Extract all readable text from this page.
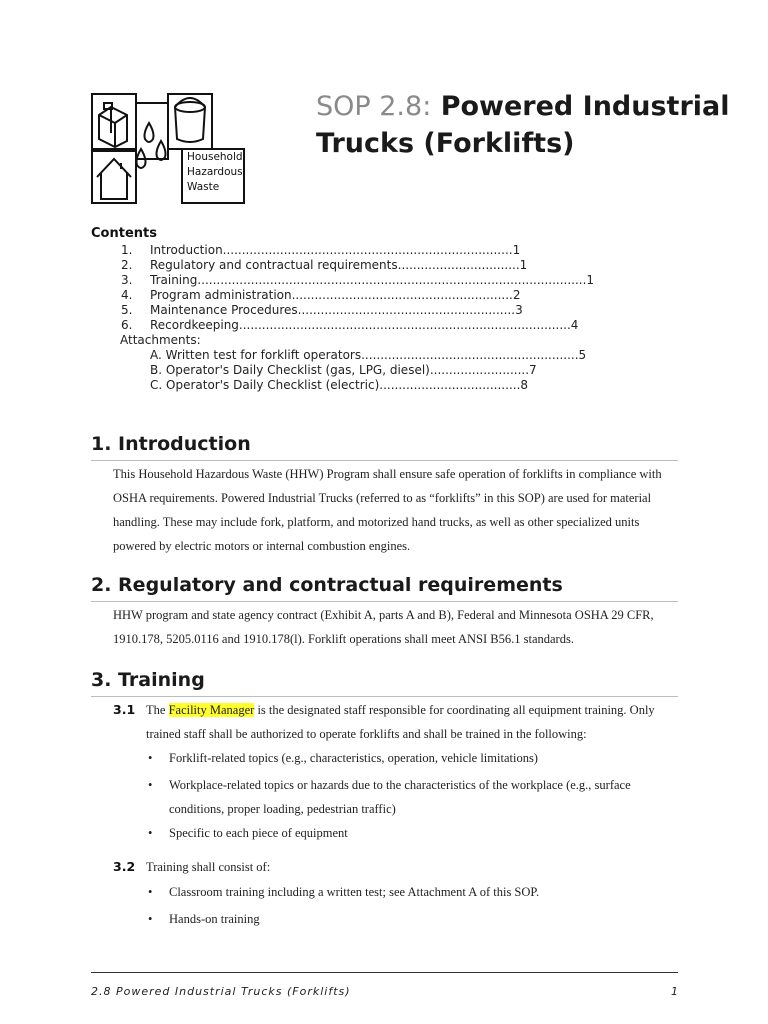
Household
Hazardous
Waste

SOP 2.8: Powered Industrial
Trucks (Forklifts)
Contents
1. Introduction............................................................................1
2. Regulatory and contractual requirements................................1
3. Training......................................................................................................1
4. Program administration..........................................................2
5. Maintenance Procedures.........................................................3
6. Recordkeeping.......................................................................................4
Attachments:
A. Written test for forklift operators.........................................................5
B. Operator's Daily Checklist (gas, LPG, diesel)..........................7
C. Operator's Daily Checklist (electric).....................................8
1. Introduction

This Household Hazardous Waste (HHW) Program shall ensure safe operation of forklifts in compliance with OSHA requirements. Powered Industrial Trucks (referred to as “forklifts” in this SOP) are used for material handling. These may include fork, platform, and motorized hand trucks, as well as other specialized units powered by electric motors or internal combustion engines.

2. Regulatory and contractual requirements

HHW program and state agency contract (Exhibit A, parts A and B), Federal and Minnesota OSHA 29 CFR, 1910.178, 5205.0116 and 1910.178(l). Forklift operations shall meet ANSI B56.1 standards.

3. Training

3.1 The Facility Manager is the designated staff responsible for coordinating all equipment training. Only trained staff shall be authorized to operate forklifts and shall be trained in the following:

• Forklift-related topics (e.g., characteristics, operation, vehicle limitations)
• Workplace-related topics or hazards due to the characteristics of the workplace (e.g., surface conditions, proper loading, pedestrian traffic)
• Specific to each piece of equipment

3.2 Training shall consist of:

• Classroom training including a written test; see Attachment A of this SOP.
• Hands-on training
2.8 Powered Industrial Trucks (Forklifts)	1
